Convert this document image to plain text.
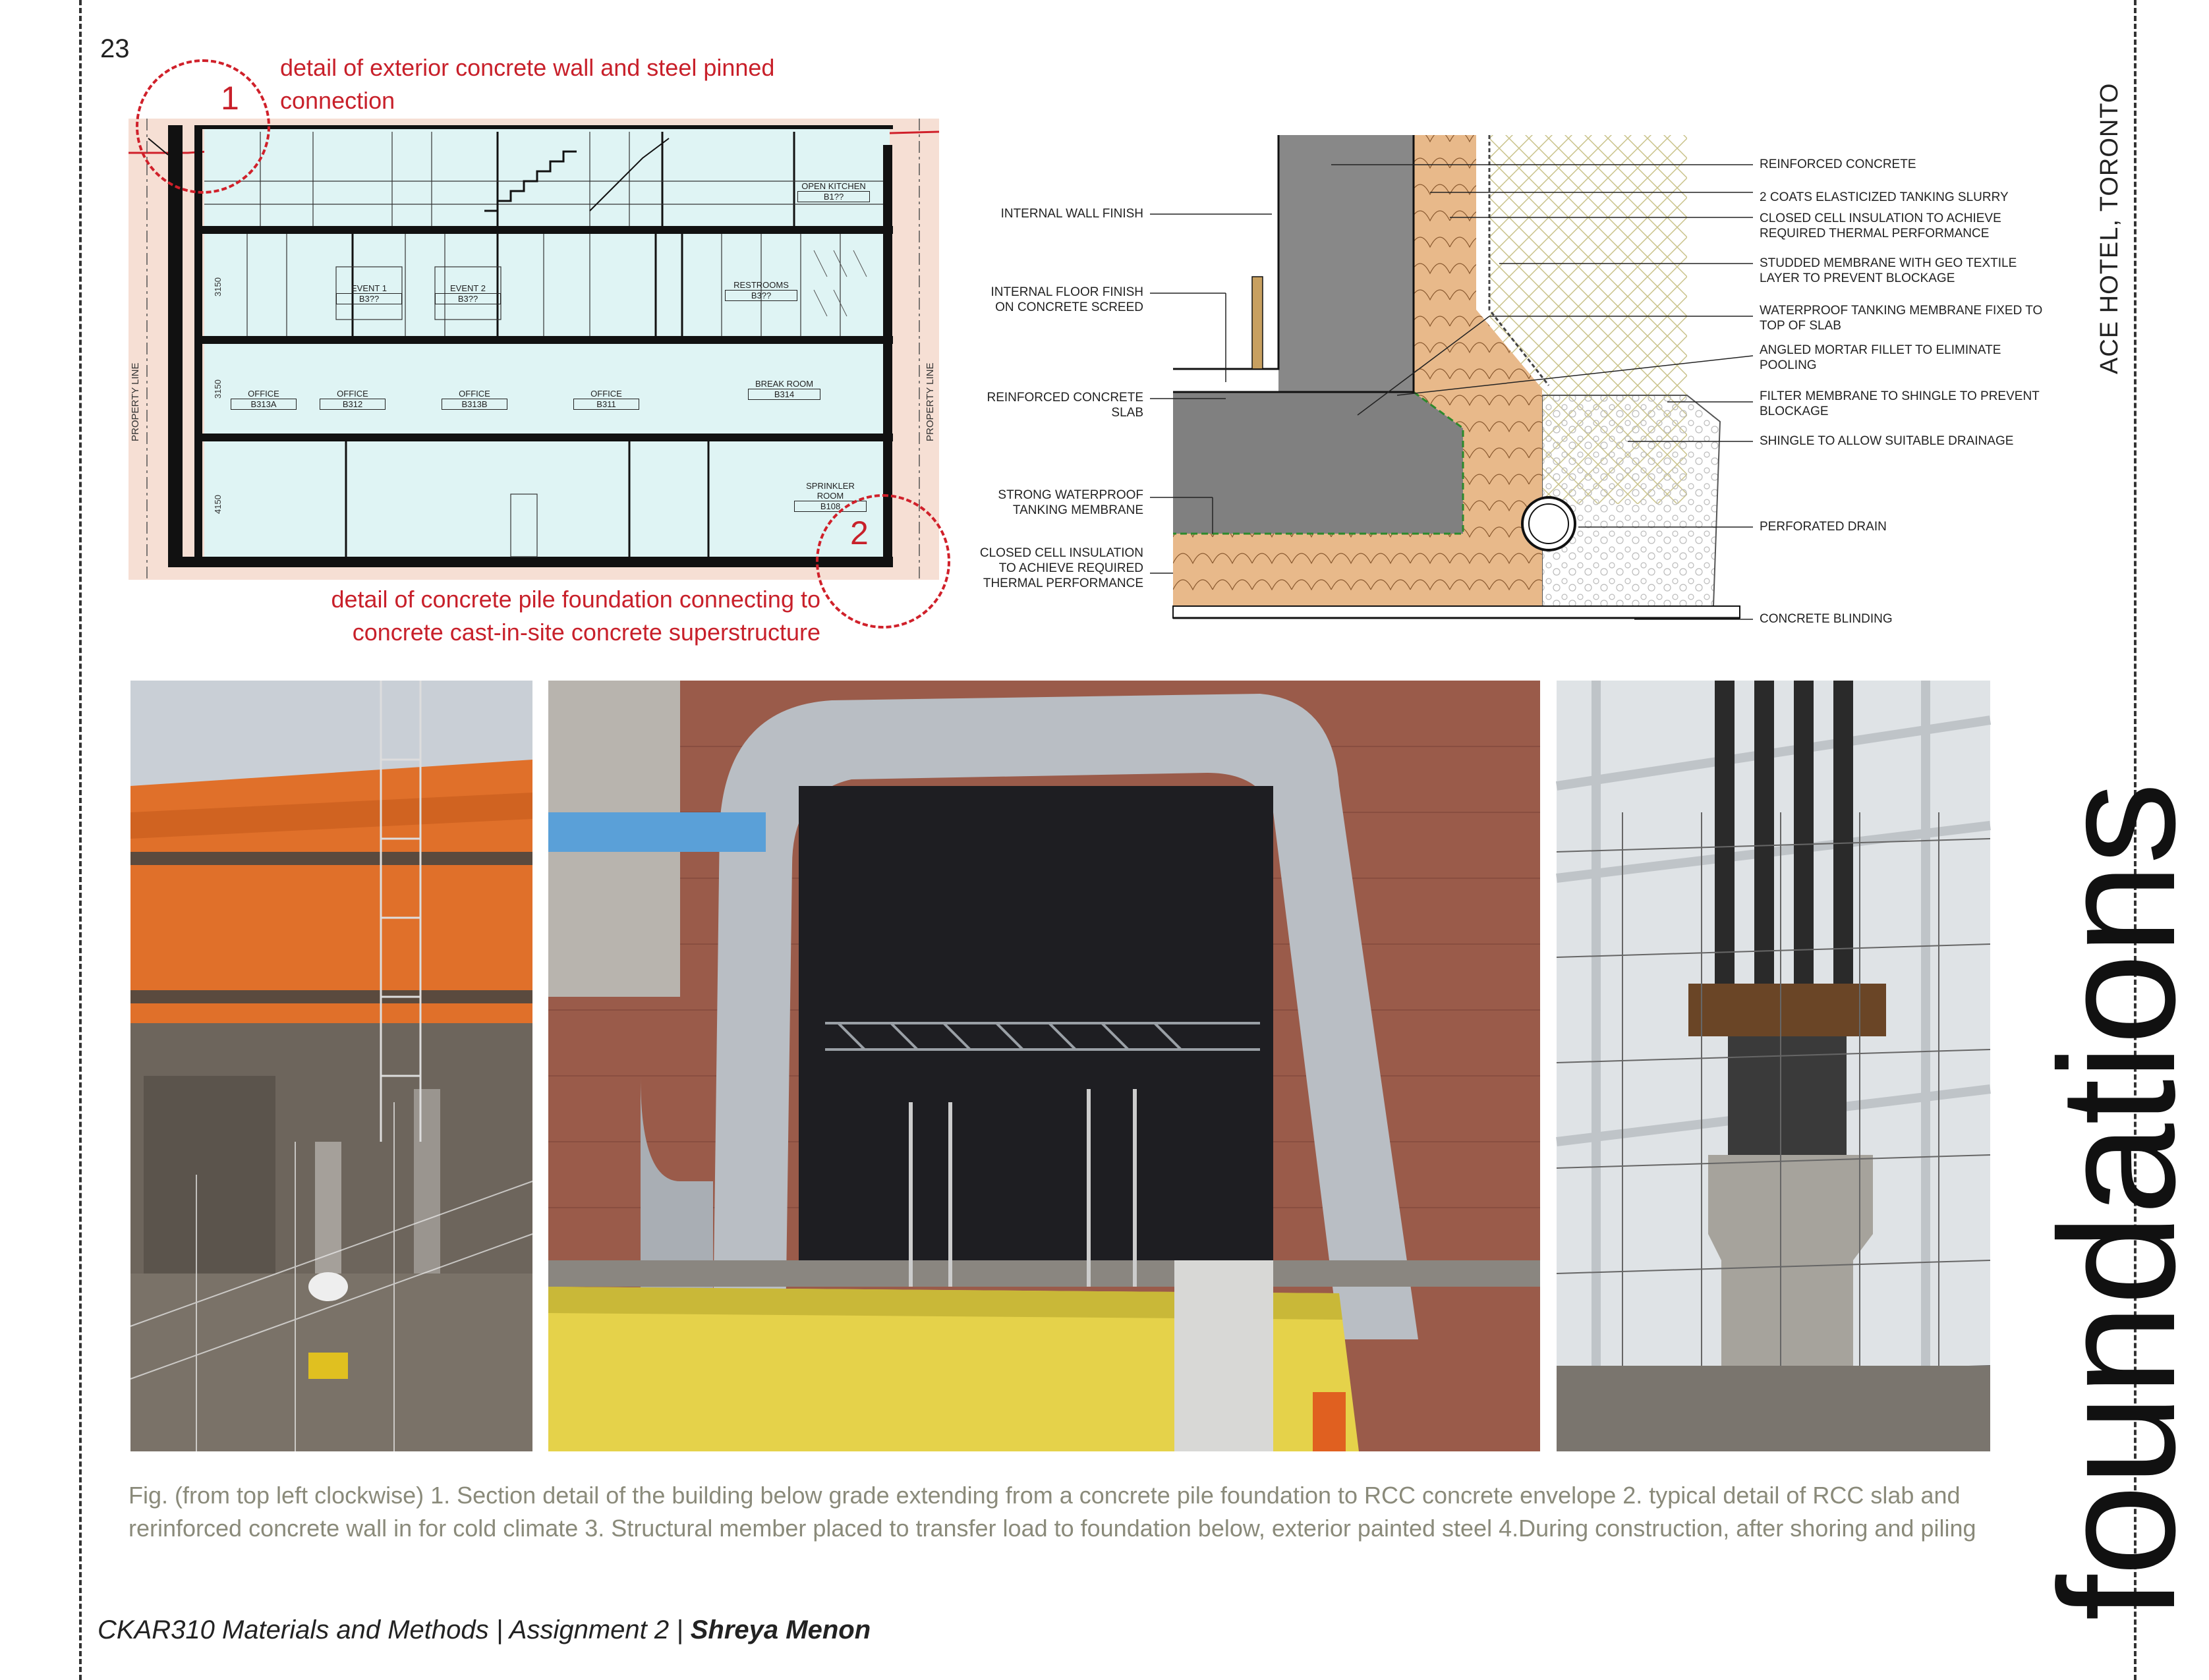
23
detail of exterior concrete wall and steel pinned
connection
PROPERTY LINE	PROPERTY LINE
3150
3150
4150
OPEN KITCHEN
B1??
EVENT 1
B3??
EVENT 2
B3??
RESTROOMS
B3??
OFFICE
B313A
OFFICE
B312
OFFICE
B313B
OFFICE
B311
BREAK ROOM
B314
SPRINKLER ROOM
B108
1
2
detail of concrete pile foundation connecting to
concrete cast-in-site concrete superstructure
INTERNAL WALL FINISH
INTERNAL FLOOR FINISH ON CONCRETE SCREED
REINFORCED CONCRETE SLAB
STRONG WATERPROOF TANKING MEMBRANE
CLOSED CELL INSULATION TO ACHIEVE REQUIRED THERMAL PERFORMANCE
REINFORCED CONCRETE
2 COATS ELASTICIZED TANKING SLURRY
CLOSED CELL INSULATION TO ACHIEVE REQUIRED THERMAL PERFORMANCE
STUDDED MEMBRANE WITH GEO TEXTILE LAYER TO PREVENT BLOCKAGE
WATERPROOF TANKING MEMBRANE FIXED TO TOP OF SLAB
ANGLED MORTAR FILLET TO ELIMINATE POOLING
FILTER MEMBRANE TO SHINGLE TO PREVENT BLOCKAGE
SHINGLE TO ALLOW SUITABLE DRAINAGE
PERFORATED DRAIN
CONCRETE BLINDING
ACE HOTEL, TORONTO
foundations
Fig. (from top left clockwise) 1. Section detail of the building below grade extending from a concrete pile foundation to RCC concrete envelope 2. typical detail of RCC slab and rerinforced concrete wall in for cold climate 3. Structural member placed to transfer load to foundation below, exterior painted steel 4.During construction, after shoring and piling
CKAR310 Materials and Methods | Assignment 2 | Shreya Menon
